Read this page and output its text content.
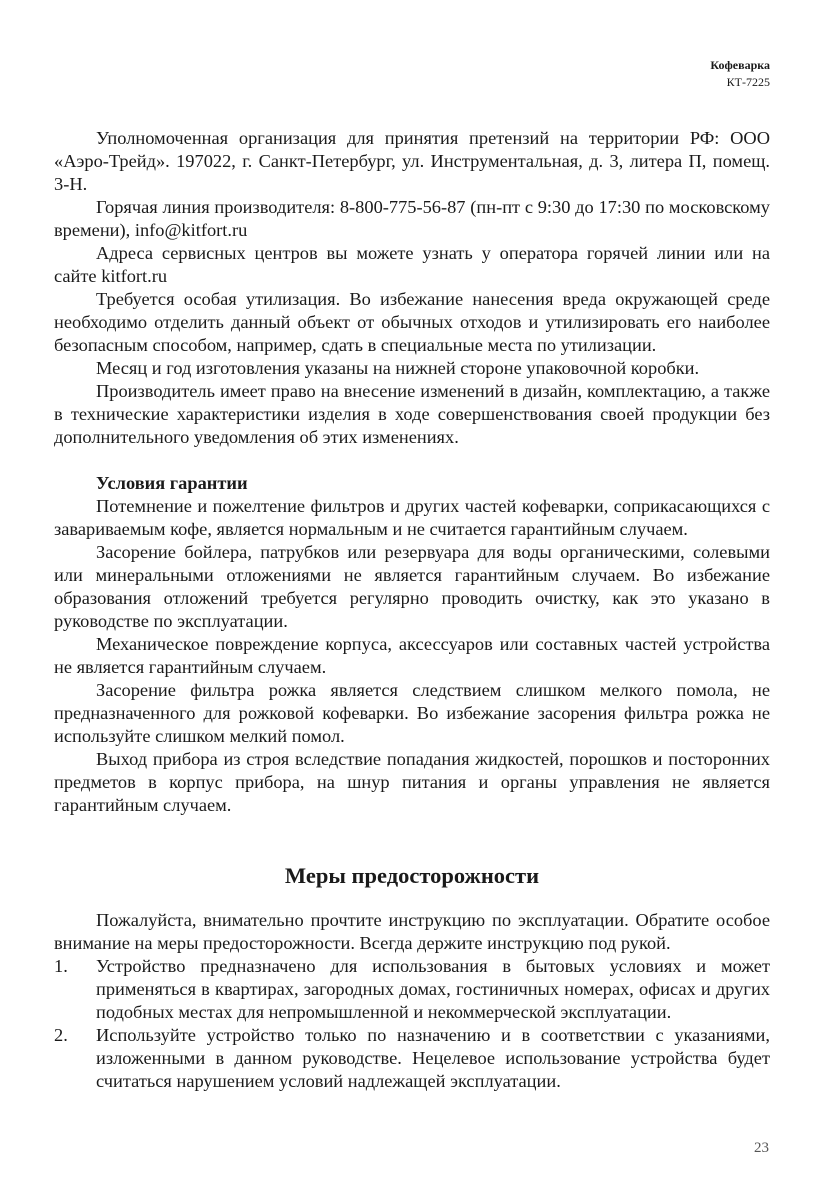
Кофеварка
КТ-7225

Уполномоченная организация для принятия претензий на территории РФ: ООО «Аэро-Трейд». 197022, г. Санкт-Петербург, ул. Инструментальная, д. 3, литера П, помещ. 3-Н.

Горячая линия производителя: 8-800-775-56-87 (пн-пт с 9:30 до 17:30 по московскому времени), info@kitfort.ru

Адреса сервисных центров вы можете узнать у оператора горячей линии или на сайте kitfort.ru

Требуется особая утилизация. Во избежание нанесения вреда окружающей среде необходимо отделить данный объект от обычных отходов и утилизировать его наиболее безопасным способом, например, сдать в специальные места по утилизации.

Месяц и год изготовления указаны на нижней стороне упаковочной коробки.

Производитель имеет право на внесение изменений в дизайн, комплектацию, а также в технические характеристики изделия в ходе совершенствования своей продукции без дополнительного уведомления об этих изменениях.

Условия гарантии

Потемнение и пожелтение фильтров и других частей кофеварки, соприкасающихся с завариваемым кофе, является нормальным и не считается гарантийным случаем.

Засорение бойлера, патрубков или резервуара для воды органическими, солевыми или минеральными отложениями не является гарантийным случаем. Во избежание образования отложений требуется регулярно проводить очистку, как это указано в руководстве по эксплуатации.

Механическое повреждение корпуса, аксессуаров или составных частей устройства не является гарантийным случаем.

Засорение фильтра рожка является следствием слишком мелкого помола, не предназначенного для рожковой кофеварки. Во избежание засорения фильтра рожка не используйте слишком мелкий помол.

Выход прибора из строя вследствие попадания жидкостей, порошков и посторонних предметов в корпус прибора, на шнур питания и органы управления не является гарантийным случаем.

Меры предосторожности

Пожалуйста, внимательно прочтите инструкцию по эксплуатации. Обратите особое внимание на меры предосторожности. Всегда держите инструкцию под рукой.

1. Устройство предназначено для использования в бытовых условиях и может применяться в квартирах, загородных домах, гостиничных номерах, офисах и других подобных местах для непромышленной и некоммерческой эксплуатации.
2. Используйте устройство только по назначению и в соответствии с указаниями, изложенными в данном руководстве. Нецелевое использование устройства будет считаться нарушением условий надлежащей эксплуатации.
23
